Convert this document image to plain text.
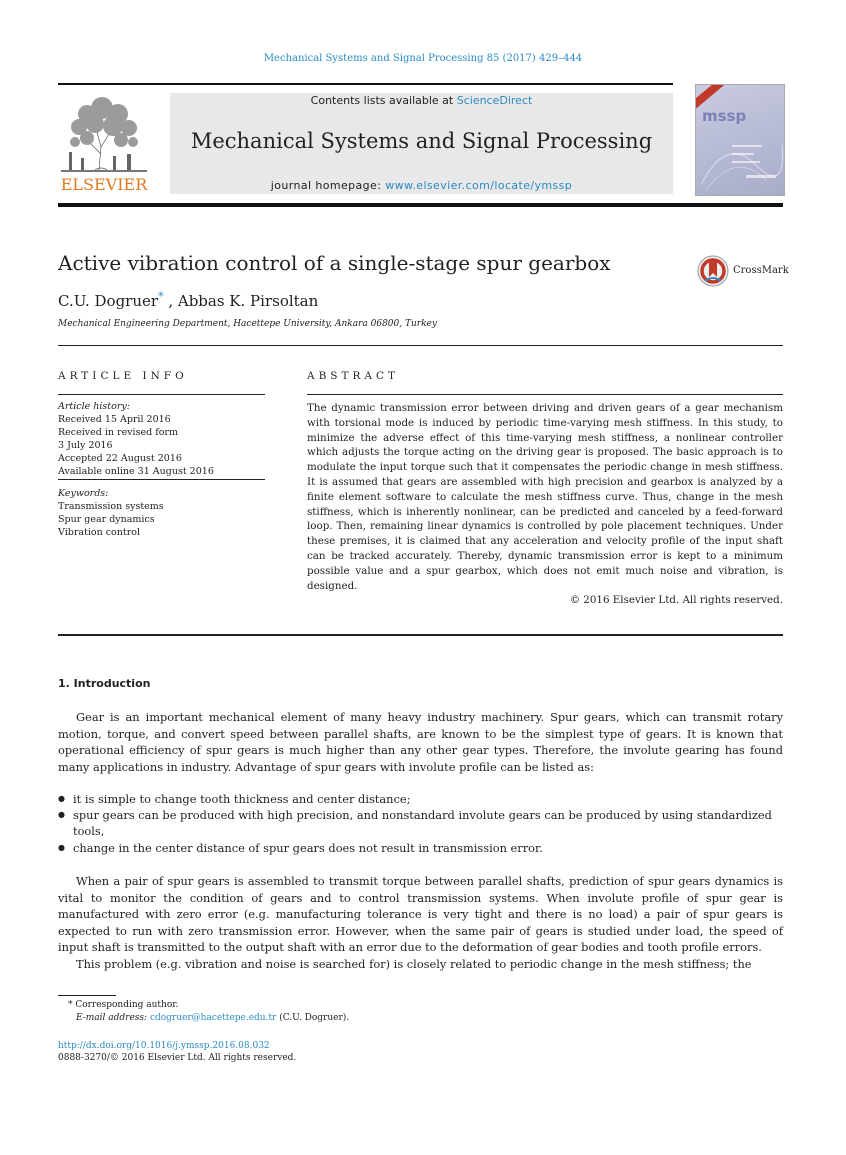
Mechanical Systems and Signal Processing 85 (2017) 429–444
ELSEVIER
Contents lists available at ScienceDirect
Mechanical Systems and Signal Processing
journal homepage: www.elsevier.com/locate/ymssp
mssp
Active vibration control of a single-stage spur gearbox	CrossMark
C.U. Dogruer* , Abbas K. Pirsoltan
Mechanical Engineering Department, Hacettepe University, Ankara 06800, Turkey
ARTICLE INFO
Article history:
Received 15 April 2016
Received in revised form
3 July 2016
Accepted 22 August 2016
Available online 31 August 2016
Keywords:
Transmission systems
Spur gear dynamics
Vibration control
ABSTRACT
The dynamic transmission error between driving and driven gears of a gear mechanism with torsional mode is induced by periodic time-varying mesh stiffness. In this study, to minimize the adverse effect of this time-varying mesh stiffness, a nonlinear controller which adjusts the torque acting on the driving gear is proposed. The basic approach is to modulate the input torque such that it compensates the periodic change in mesh stiffness. It is assumed that gears are assembled with high precision and gearbox is analyzed by a finite element software to calculate the mesh stiffness curve. Thus, change in the mesh stiffness, which is inherently nonlinear, can be predicted and canceled by a feed-forward loop. Then, remaining linear dynamics is controlled by pole placement techniques. Under these premises, it is claimed that any acceleration and velocity profile of the input shaft can be tracked accurately. Thereby, dynamic transmission error is kept to a minimum possible value and a spur gearbox, which does not emit much noise and vibration, is designed.
© 2016 Elsevier Ltd. All rights reserved.
1. Introduction
Gear is an important mechanical element of many heavy industry machinery. Spur gears, which can transmit rotary motion, torque, and convert speed between parallel shafts, are known to be the simplest type of gears. It is known that operational efficiency of spur gears is much higher than any other gear types. Therefore, the involute gearing has found many applications in industry. Advantage of spur gears with involute profile can be listed as:
● it is simple to change tooth thickness and center distance;
● spur gears can be produced with high precision, and nonstandard involute gears can be produced by using standardized tools,
● change in the center distance of spur gears does not result in transmission error.
When a pair of spur gears is assembled to transmit torque between parallel shafts, prediction of spur gears dynamics is vital to monitor the condition of gears and to control transmission systems. When involute profile of spur gear is manufactured with zero error (e.g. manufacturing tolerance is very tight and there is no load) a pair of spur gears is expected to run with zero transmission error. However, when the same pair of gears is studied under load, the speed of input shaft is transmitted to the output shaft with an error due to the deformation of gear bodies and tooth profile errors.
This problem (e.g. vibration and noise is searched for) is closely related to periodic change in the mesh stiffness; the
* Corresponding author.
E-mail address: cdogruer@hacettepe.edu.tr (C.U. Dogruer).
http://dx.doi.org/10.1016/j.ymssp.2016.08.032
0888-3270/© 2016 Elsevier Ltd. All rights reserved.
